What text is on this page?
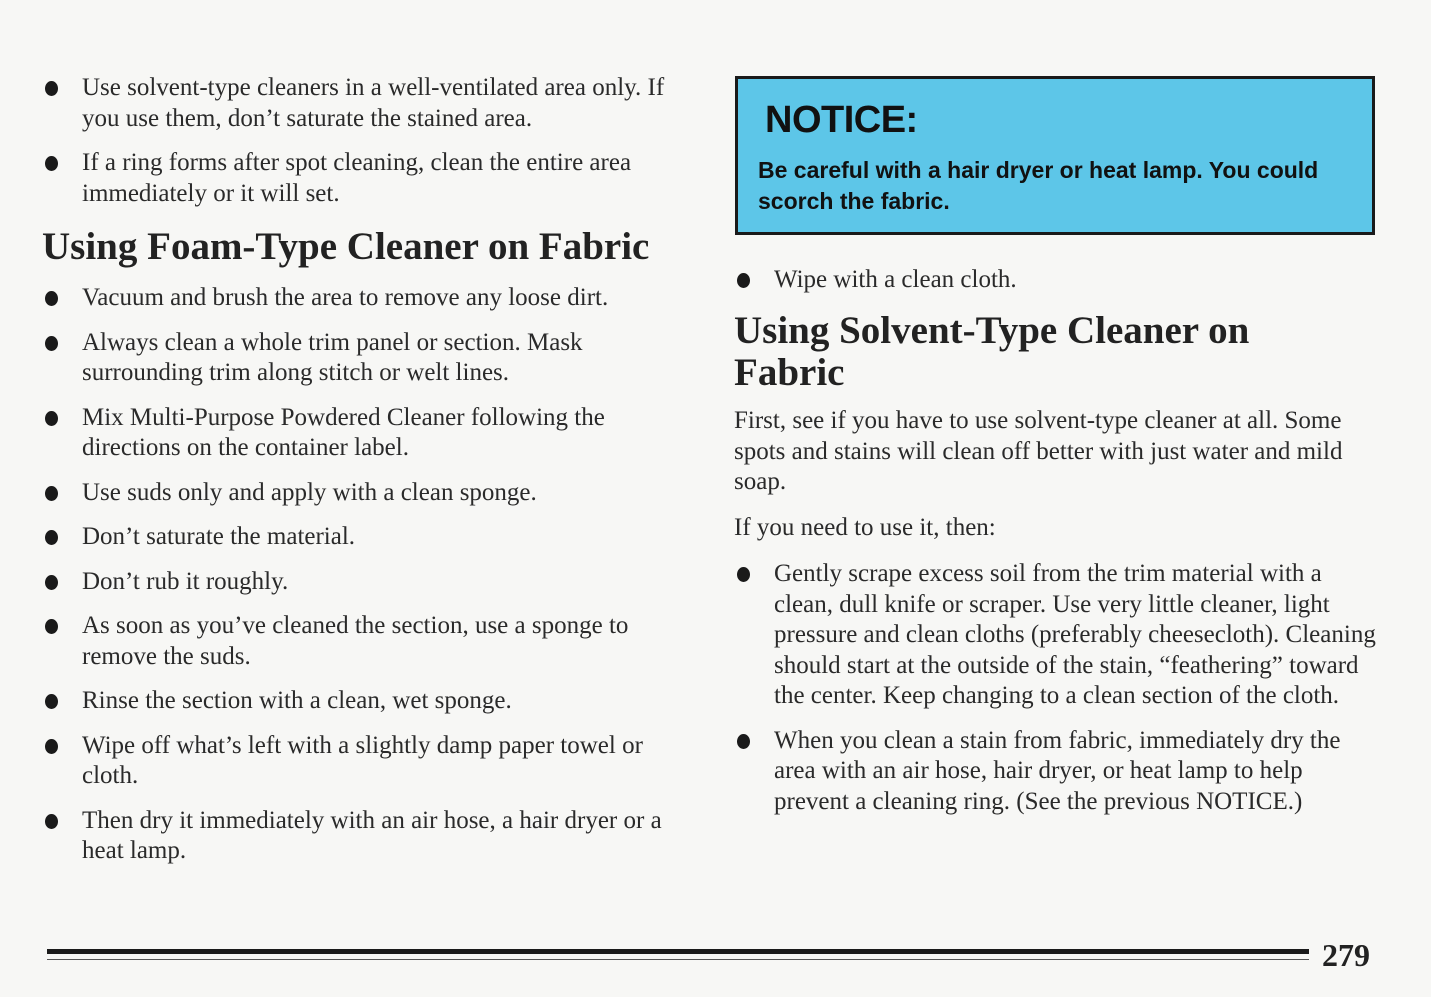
Use solvent-type cleaners in a well-ventilated area only. If you use them, don’t saturate the stained area.
If a ring forms after spot cleaning, clean the entire area immediately or it will set.
Using Foam-Type Cleaner on Fabric
Vacuum and brush the area to remove any loose dirt.
Always clean a whole trim panel or section. Mask surrounding trim along stitch or welt lines.
Mix Multi-Purpose Powdered Cleaner following the directions on the container label.
Use suds only and apply with a clean sponge.
Don’t saturate the material.
Don’t rub it roughly.
As soon as you’ve cleaned the section, use a sponge to remove the suds.
Rinse the section with a clean, wet sponge.
Wipe off what’s left with a slightly damp paper towel or cloth.
Then dry it immediately with an air hose, a hair dryer or a heat lamp.
NOTICE:
Be careful with a hair dryer or heat lamp. You could scorch the fabric.
Wipe with a clean cloth.
Using Solvent-Type Cleaner on
Fabric

First, see if you have to use solvent-type cleaner at all. Some spots and stains will clean off better with just water and mild soap.

If you need to use it, then:

Gently scrape excess soil from the trim material with a clean, dull knife or scraper. Use very little cleaner, light pressure and clean cloths (preferably cheesecloth). Cleaning should start at the outside of the stain, “feathering” toward the center. Keep changing to a clean section of the cloth.
When you clean a stain from fabric, immediately dry the area with an air hose, hair dryer, or heat lamp to help prevent a cleaning ring. (See the previous NOTICE.)
279
